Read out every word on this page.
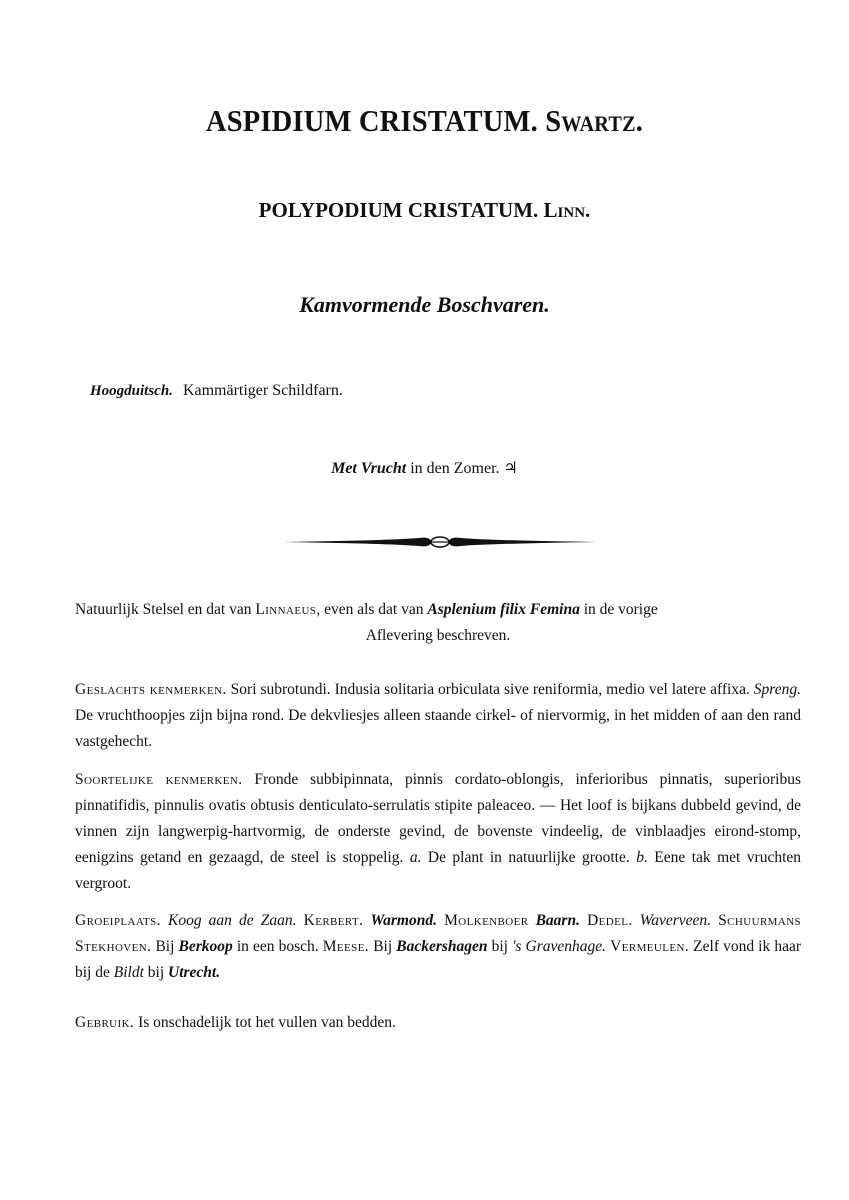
ASPIDIUM CRISTATUM. Swartz.
POLYPODIUM CRISTATUM. Linn.
Kamvormende Boschvaren.
Hoogduitsch. Kammärtiger Schildfarn.
Met Vrucht in den Zomer. ♃
Natuurlijk Stelsel en dat van Linnaeus, even als dat van Asplenium filix Femina in de vorige
Aflevering beschreven.
Geslachts kenmerken. Sori subrotundi. Indusia solitaria orbiculata sive reniformia, medio vel latere affixa. Spreng. De vruchthoopjes zijn bijna rond. De dekvliesjes alleen staande cirkel- of niervormig, in het midden of aan den rand vastgehecht.
Soortelijke kenmerken. Fronde subbipinnata, pinnis cordato-oblongis, inferioribus pinnatis, superioribus pinnatifidis, pinnulis ovatis obtusis denticulato-serrulatis stipite paleaceo. — Het loof is bijkans dubbeld gevind, de vinnen zijn langwerpig-hartvormig, de onderste gevind, de bovenste vindeelig, de vinblaadjes eirond-stomp, eenigzins getand en gezaagd, de steel is stoppelig. a. De plant in natuurlijke grootte. b. Eene tak met vruchten vergroot.
Groeiplaats. Koog aan de Zaan. Kerbert. Warmond. Molkenboer Baarn. Dedel. Waverveen. Schuurmans Stekhoven. Bij Berkoop in een bosch. Meese. Bij Backershagen bij 's Gravenhage. Vermeulen. Zelf vond ik haar bij de Bildt bij Utrecht.
Gebruik. Is onschadelijk tot het vullen van bedden.
